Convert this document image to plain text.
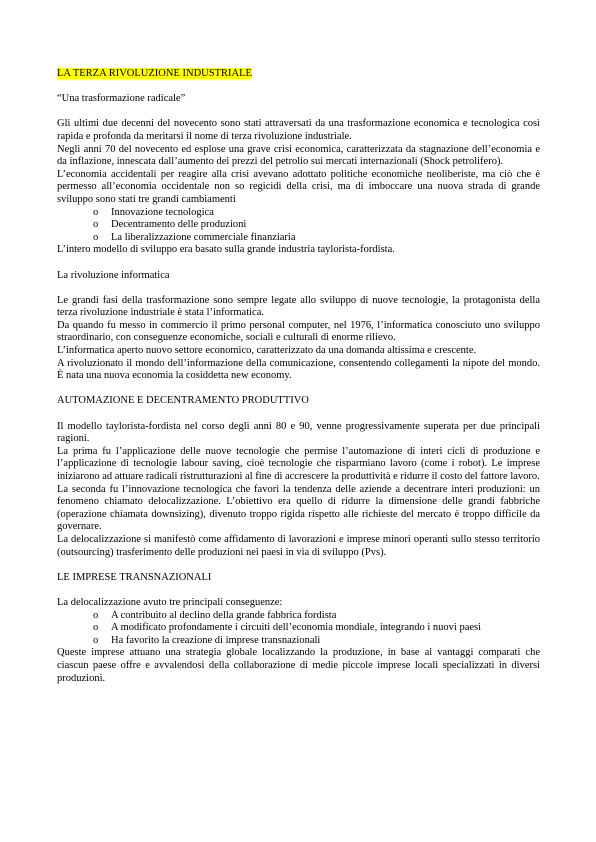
LA TERZA RIVOLUZIONE INDUSTRIALE

“Una trasformazione radicale”

Gli ultimi due decenni del novecento sono stati attraversati da una trasformazione economica e tecnologica così rapida e profonda da meritarsi il nome di terza rivoluzione industriale.

Negli anni 70 del novecento ed esplose una grave crisi economica, caratterizzata da stagnazione dell’economia e da inflazione, innescata dall’aumento dei prezzi del petrolio sui mercati internazionali (Shock petrolifero).

L’economia accidentali per reagire alla crisi avevano adottato politiche economiche neoliberiste, ma ciò che è permesso all’economia occidentale non so regicidi della crisi, ma di imboccare una nuova strada di grande sviluppo sono stati tre grandi cambiamenti

o Innovazione tecnologica
o Decentramento delle produzioni
o La liberalizzazione commerciale finanziaria

L’intero modello di sviluppo era basato sulla grande industria taylorista-fordista.

La rivoluzione informatica

Le grandi fasi della trasformazione sono sempre legate allo sviluppo di nuove tecnologie, la protagonista della terza rivoluzione industriale è stata l’informatica.

Da quando fu messo in commercio il primo personal computer, nel 1976, l’informatica conosciuto uno sviluppo straordinario, con conseguenze economiche, sociali e culturali di enorme rilievo.

L’informatica aperto nuovo settore economico, caratterizzato da una domanda altissima e crescente.

A rivoluzionato il mondo dell’informazione della comunicazione, consentendo collegamenti la nipote del mondo. È nata una nuova economia la cosiddetta new economy.

AUTOMAZIONE E DECENTRAMENTO PRODUTTIVO

Il modello taylorista-fordista nel corso degli anni 80 e 90, venne progressivamente superata per due principali ragioni.

La prima fu l’applicazione delle nuove tecnologie che permise l’automazione di interi cicli di produzione e l’applicazione di tecnologie labour saving, cioè tecnologie che risparmiano lavoro (come i robot). Le imprese iniziarono ad attuare radicali ristrutturazioni al fine di accrescere la produttività e ridurre il costo del fattore lavoro.

La seconda fu l’innovazione tecnologica che favorì la tendenza delle aziende a decentrare interi produzioni: un fenomeno chiamato delocalizzazione. L’obiettivo era quello di ridurre la dimensione delle grandi fabbriche (operazione chiamata downsizing), divenuto troppo rigida rispetto alle richieste del mercato è troppo difficile da governare.

La delocalizzazione si manifestò come affidamento di lavorazioni e imprese minori operanti sullo stesso territorio (outsourcing) trasferimento delle produzioni nei paesi in via di sviluppo (Pvs).

LE IMPRESE TRANSNAZIONALI

La delocalizzazione avuto tre principali conseguenze:

o A contribuito al declino della grande fabbrica fordista
o A modificato profondamente i circuiti dell’economia mondiale, integrando i nuovi paesi
o Ha favorito la creazione di imprese transnazionali

Queste imprese attuano una strategia globale localizzando la produzione, in base ai vantaggi comparati che ciascun paese offre e avvalendosi della collaborazione di medie piccole imprese locali specializzati in diversi produzioni.
